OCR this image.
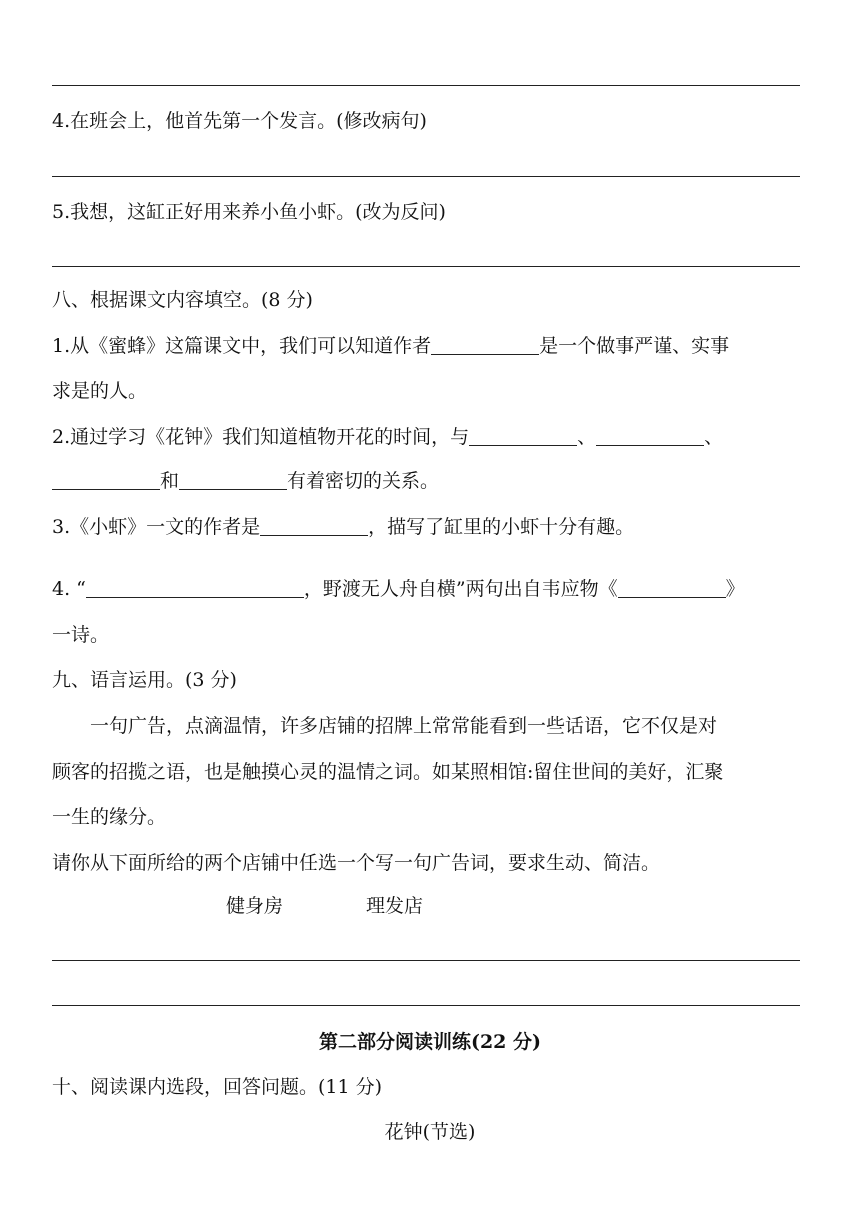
4.在班会上，他首先第一个发言。(修改病句)
5.我想，这缸正好用来养小鱼小虾。(改为反问)
八、根据课文内容填空。(8 分)
1.从《蜜蜂》这篇课文中，我们可以知道作者	是一个做事严谨、实事
求是的人。
2.通过学习《花钟》我们知道植物开花的时间，与	、	、
和	有着密切的关系。
3.《小虾》一文的作者是	，描写了缸里的小虾十分有趣。
4. “	，野渡无人舟自横”两句出自韦应物《	》
一诗。
九、语言运用。(3 分)
一句广告，点滴温情，许多店铺的招牌上常常能看到一些话语，它不仅是对
顾客的招揽之语，也是触摸心灵的温情之词。如某照相馆:留住世间的美好，汇聚
一生的缘分。
请你从下面所给的两个店铺中任选一个写一句广告词，要求生动、简洁。
健身房	理发店
第二部分阅读训练(22 分)
十、阅读课内选段，回答问题。(11 分)
花钟(节选)
